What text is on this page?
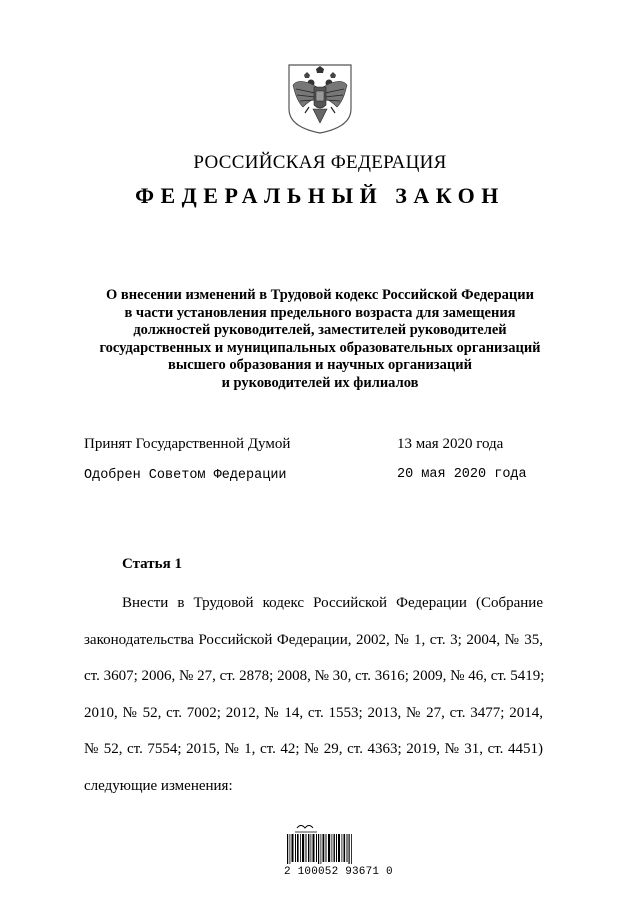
РОССИЙСКАЯ ФЕДЕРАЦИЯ
ФЕДЕРАЛЬНЫЙ ЗАКОН
О внесении изменений в Трудовой кодекс Российской Федерации
в части установления предельного возраста для замещения
должностей руководителей, заместителей руководителей
государственных и муниципальных образовательных организаций
высшего образования и научных организаций
и руководителей их филиалов
Принят Государственной Думой	13 мая 2020 года
Одобрен Советом Федерации	20 мая 2020 года
Статья 1
Внести в Трудовой кодекс Российской Федерации (Собрание
законодательства Российской Федерации, 2002, № 1, ст. 3; 2004, № 35,
ст. 3607; 2006, № 27, ст. 2878; 2008, № 30, ст. 3616; 2009, № 46, ст. 5419;
2010, № 52, ст. 7002; 2012, № 14, ст. 1553; 2013, № 27, ст. 3477; 2014,
№ 52, ст. 7554; 2015, № 1, ст. 42; № 29, ст. 4363; 2019, № 31, ст. 4451)
следующие изменения:
2 100052 93671 0
